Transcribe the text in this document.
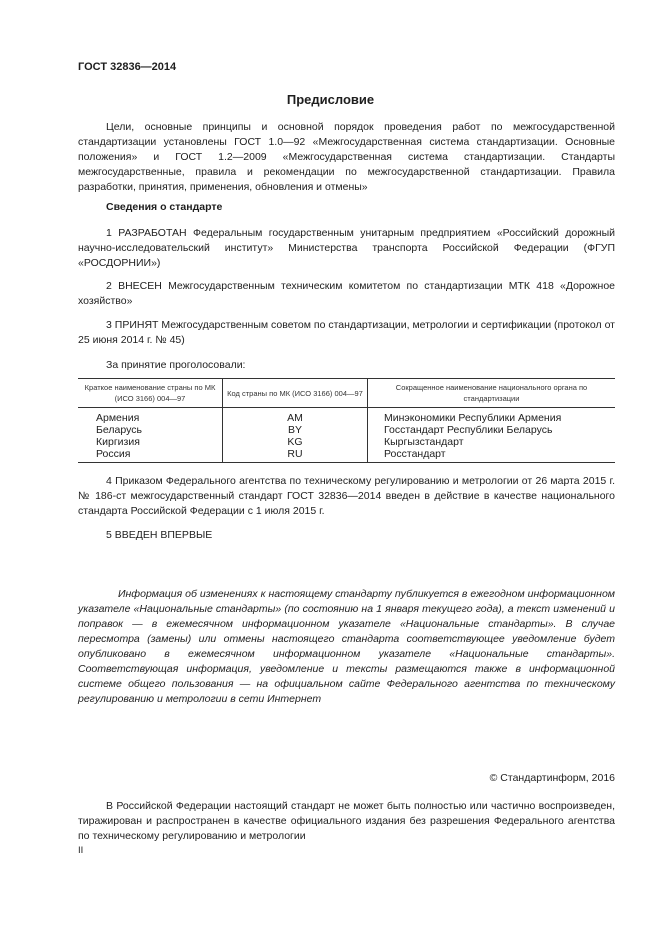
ГОСТ 32836—2014
Предисловие
Цели, основные принципы и основной порядок проведения работ по межгосударственной стандартизации установлены ГОСТ 1.0—92 «Межгосударственная система стандартизации. Основные положения» и ГОСТ 1.2—2009 «Межгосударственная система стандартизации. Стандарты межгосударственные, правила и рекомендации по межгосударственной стандартизации. Правила разработки, принятия, применения, обновления и отмены»
Сведения о стандарте
1 РАЗРАБОТАН Федеральным государственным унитарным предприятием «Российский дорожный научно-исследовательский институт» Министерства транспорта Российской Федерации (ФГУП «РОСДОРНИИ»)
2 ВНЕСЕН Межгосударственным техническим комитетом по стандартизации МТК 418 «Дорожное хозяйство»
3 ПРИНЯТ Межгосударственным советом по стандартизации, метрологии и сертификации (протокол от 25 июня 2014 г. № 45)
За принятие проголосовали:
Краткое наименование страны по МК (ИСО 3166) 004—97	Код страны по МК (ИСО 3166) 004—97	Сокращенное наименование национального органа по стандартизации
Армения	AM	Минэкономики Республики Армения
Беларусь	BY	Госстандарт Республики Беларусь
Киргизия	KG	Кыргызстандарт
Россия	RU	Росстандарт
4 Приказом Федерального агентства по техническому регулированию и метрологии от 26 марта 2015 г. № 186-ст межгосударственный стандарт ГОСТ 32836—2014 введен в действие в качестве национального стандарта Российской Федерации с 1 июля 2015 г.
5 ВВЕДЕН ВПЕРВЫЕ
Информация об изменениях к настоящему стандарту публикуется в ежегодном информационном указателе «Национальные стандарты» (по состоянию на 1 января текущего года), а текст изменений и поправок — в ежемесячном информационном указателе «Национальные стандарты». В случае пересмотра (замены) или отмены настоящего стандарта соответствующее уведомление будет опубликовано в ежемесячном информационном указателе «Национальные стандарты». Соответствующая информация, уведомление и тексты размещаются также в информационной системе общего пользования — на официальном сайте Федерального агентства по техническому регулированию и метрологии в сети Интернет
© Стандартинформ, 2016
В Российской Федерации настоящий стандарт не может быть полностью или частично воспроизведен, тиражирован и распространен в качестве официального издания без разрешения Федерального агентства по техническому регулированию и метрологии
II
